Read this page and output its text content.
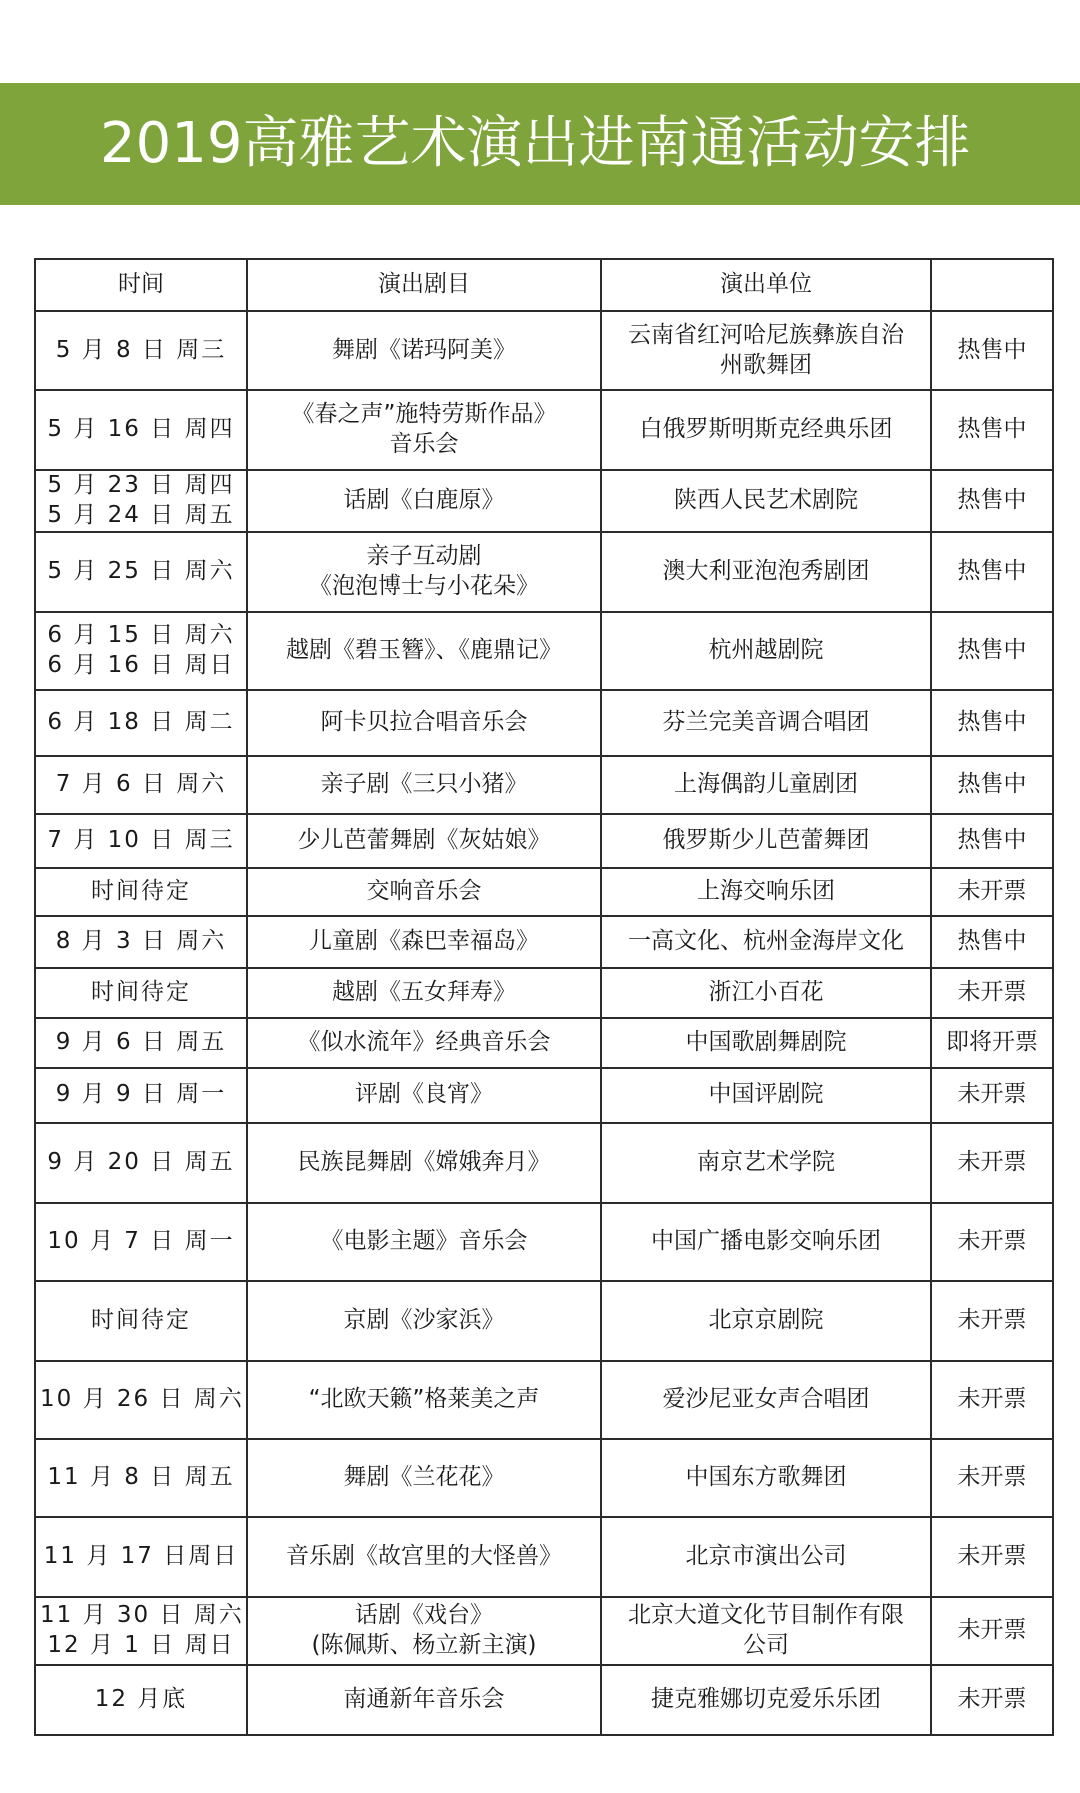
2019高雅艺术演出进南通活动安排
时间	演出剧目	演出单位	

5 月 8 日 周三	舞剧《诺玛阿美》	云南省红河哈尼族彝族自治
州歌舞团	热售中

5 月 16 日 周四	《春之声”施特劳斯作品》
音乐会	白俄罗斯明斯克经典乐团	热售中

5 月 23 日 周四
5 月 24 日 周五	话剧《白鹿原》	陕西人民艺术剧院	热售中

5 月 25 日 周六	亲子互动剧
《泡泡博士与小花朵》	澳大利亚泡泡秀剧团	热售中

6 月 15 日 周六
6 月 16 日 周日	越剧《碧玉簪》、《鹿鼎记》	杭州越剧院	热售中

6 月 18 日 周二	阿卡贝拉合唱音乐会	芬兰完美音调合唱团	热售中

7 月 6 日 周六	亲子剧《三只小猪》	上海偶韵儿童剧团	热售中

7 月 10 日 周三	少儿芭蕾舞剧《灰姑娘》	俄罗斯少儿芭蕾舞团	热售中

时间待定	交响音乐会	上海交响乐团	未开票

8 月 3 日 周六	儿童剧《森巴幸福岛》	一高文化、杭州金海岸文化	热售中

时间待定	越剧《五女拜寿》	浙江小百花	未开票

9 月 6 日 周五	《似水流年》经典音乐会	中国歌剧舞剧院	即将开票

9 月 9 日 周一	评剧《良宵》	中国评剧院	未开票

9 月 20 日 周五	民族昆舞剧《嫦娥奔月》	南京艺术学院	未开票

10 月 7 日 周一	《电影主题》音乐会	中国广播电影交响乐团	未开票

时间待定	京剧《沙家浜》	北京京剧院	未开票

10 月 26 日 周六	“北欧天籁”格莱美之声	爱沙尼亚女声合唱团	未开票

11 月 8 日 周五	舞剧《兰花花》	中国东方歌舞团	未开票

11 月 17 日周日	音乐剧《故宫里的大怪兽》	北京市演出公司	未开票

11 月 30 日 周六
12 月 1 日 周日	话剧《戏台》
(陈佩斯、杨立新主演)	北京大道文化节目制作有限
公司	未开票

12 月底	南通新年音乐会	捷克雅娜切克爱乐乐团	未开票
